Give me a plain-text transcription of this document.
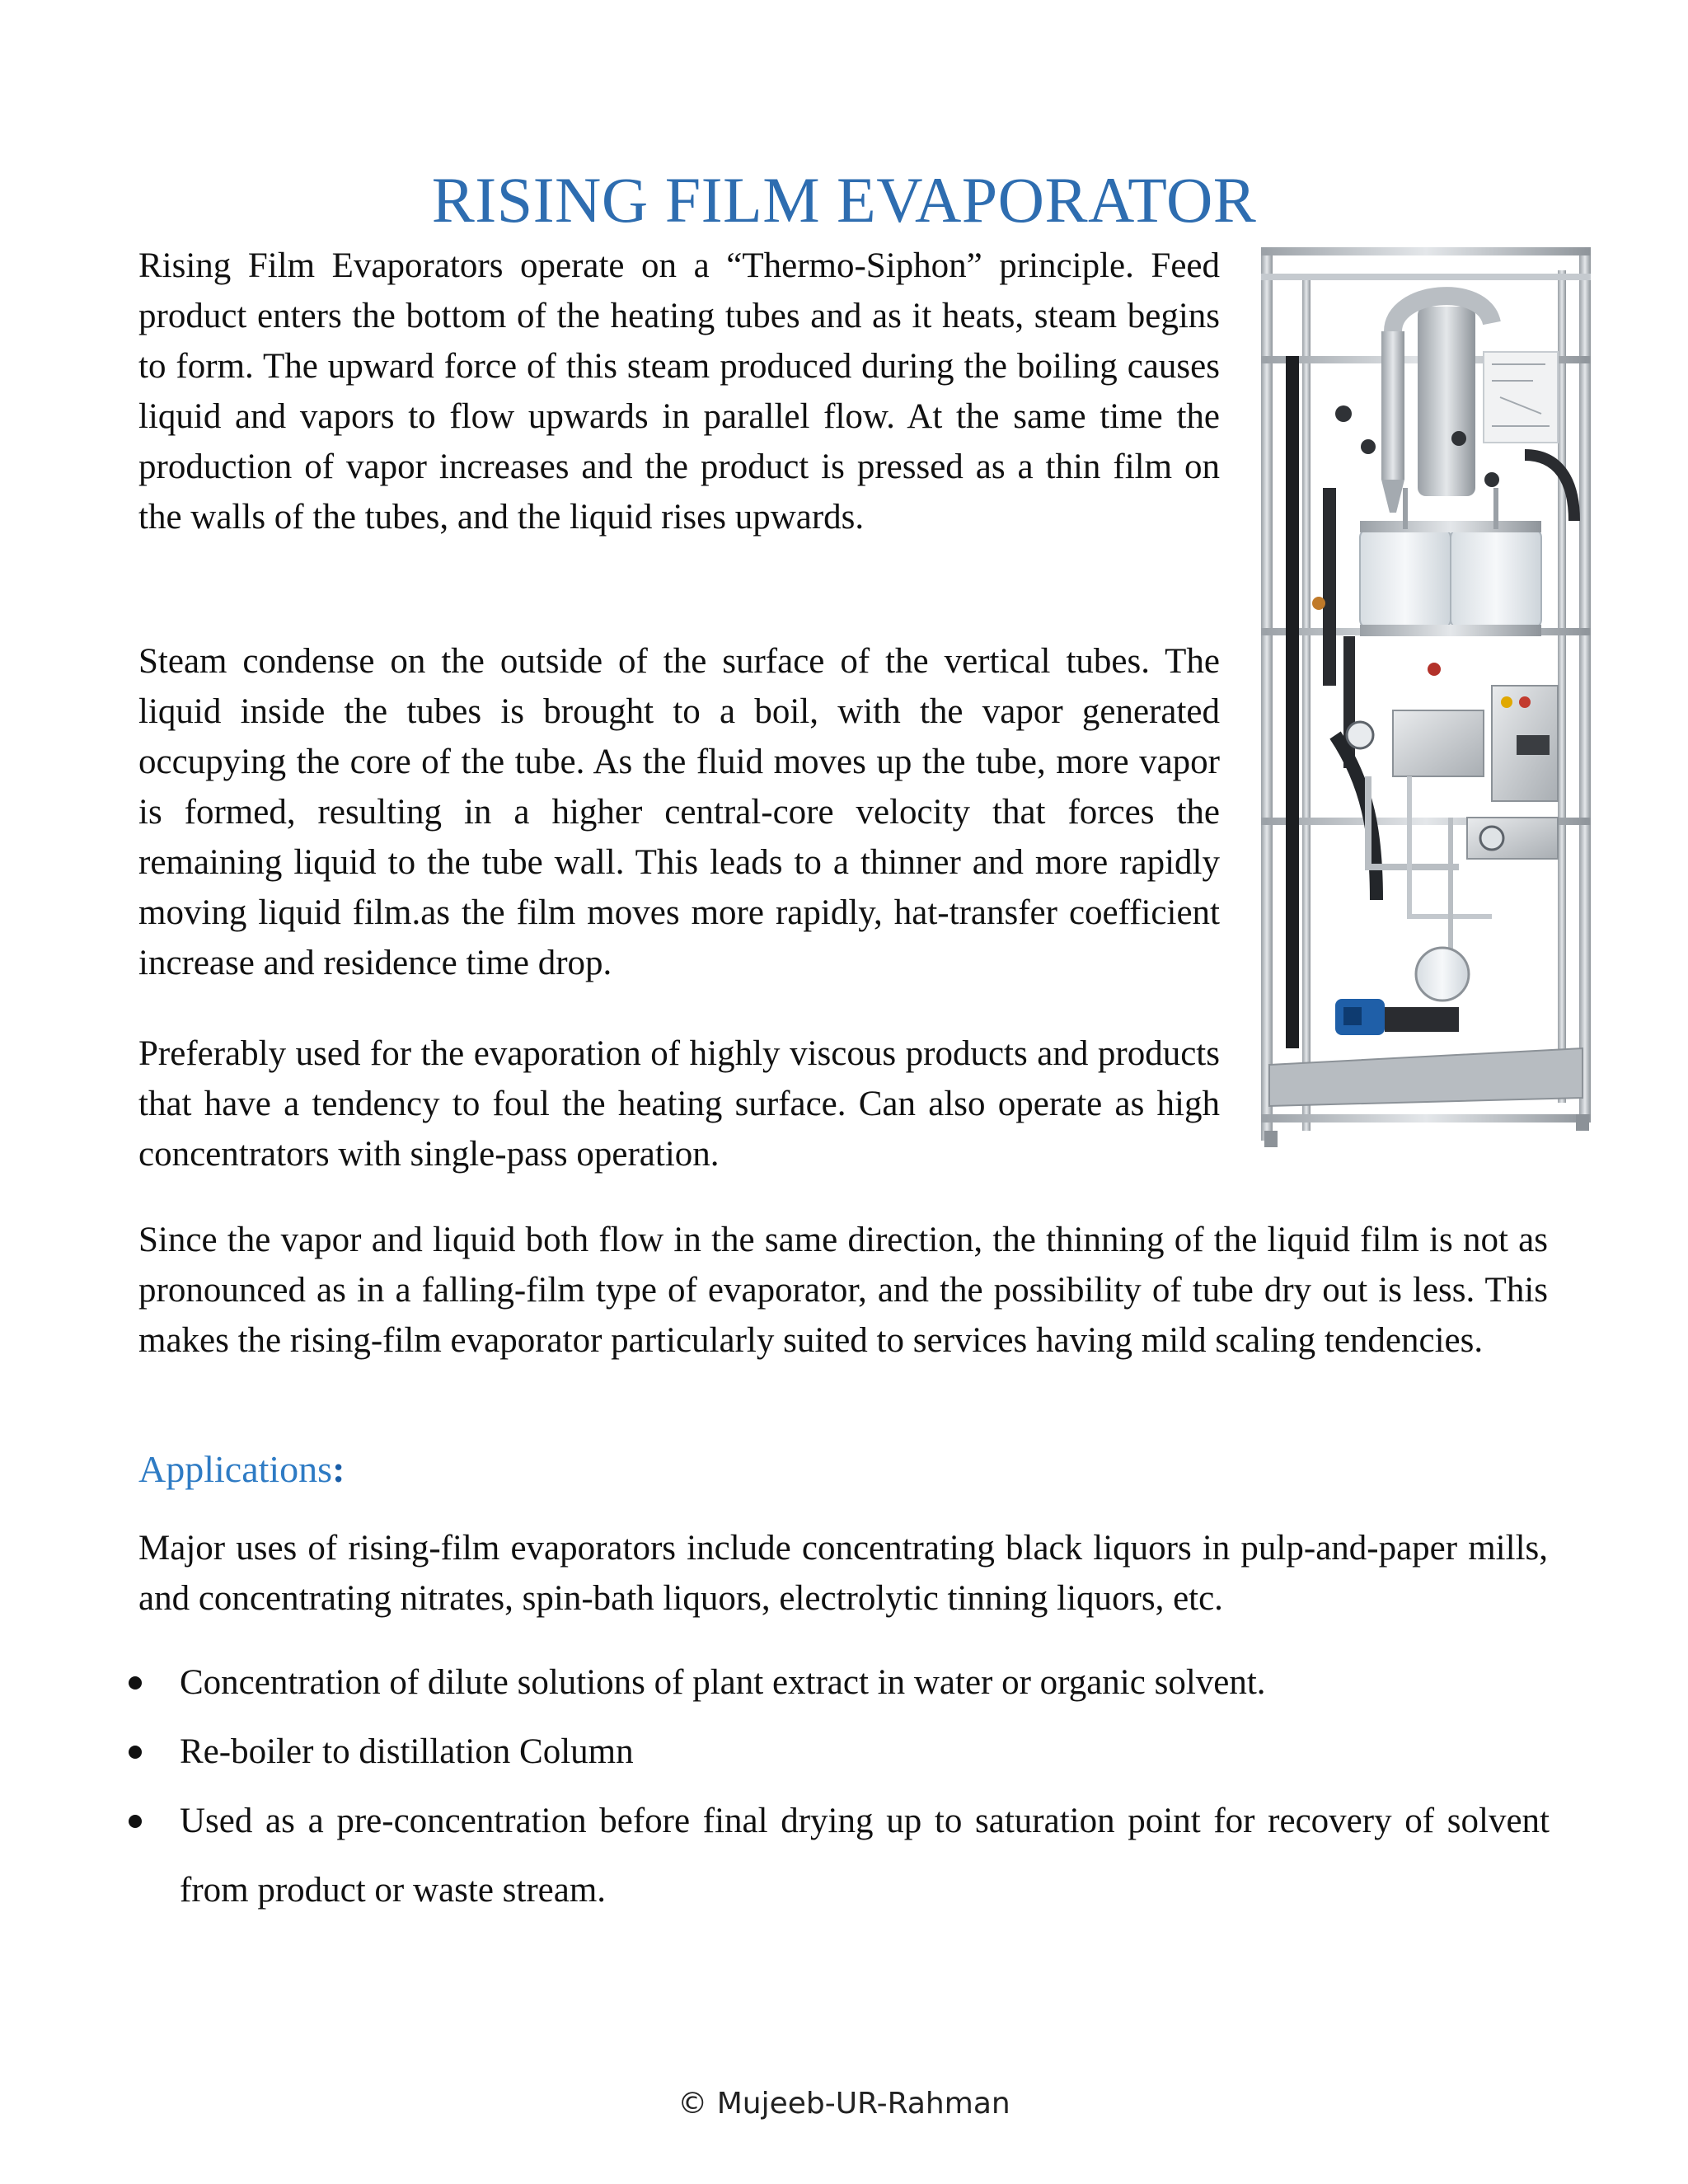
RISING FILM EVAPORATOR

Rising Film Evaporators operate on a “Thermo-Siphon” principle. Feed product enters the bottom of the heating tubes and as it heats, steam begins to form. The upward force of this steam produced during the boiling causes liquid and vapors to flow upwards in parallel flow. At the same time the production of vapor increases and the product is pressed as a thin film on the walls of the tubes, and the liquid rises upwards.

Steam condense on the outside of the surface of the vertical tubes. The liquid inside the tubes is brought to a boil, with the vapor generated occupying the core of the tube. As the fluid moves up the tube, more vapor is formed, resulting in a higher central-core velocity that forces the remaining liquid to the tube wall. This leads to a thinner and more rapidly moving liquid film.as the film moves more rapidly, hat-transfer coefficient increase and residence time drop.

Preferably used for the evaporation of highly viscous products and products that have a tendency to foul the heating surface. Can also operate as high concentrators with single-pass operation.

Since the vapor and liquid both flow in the same direction, the thinning of the liquid film is not as pronounced as in a falling-film type of evaporator, and the possibility of tube dry out is less. This makes the rising-film evaporator particularly suited to services having mild scaling tendencies.

Applications:

Major uses of rising-film evaporators include concentrating black liquors in pulp-and-paper mills, and concentrating nitrates, spin-bath liquors, electrolytic tinning liquors, etc.

Concentration of dilute solutions of plant extract in water or organic solvent.
Re-boiler to distillation Column
Used as a pre-concentration before final drying up to saturation point for recovery of solvent from product or waste stream.
© Mujeeb-UR-Rahman
